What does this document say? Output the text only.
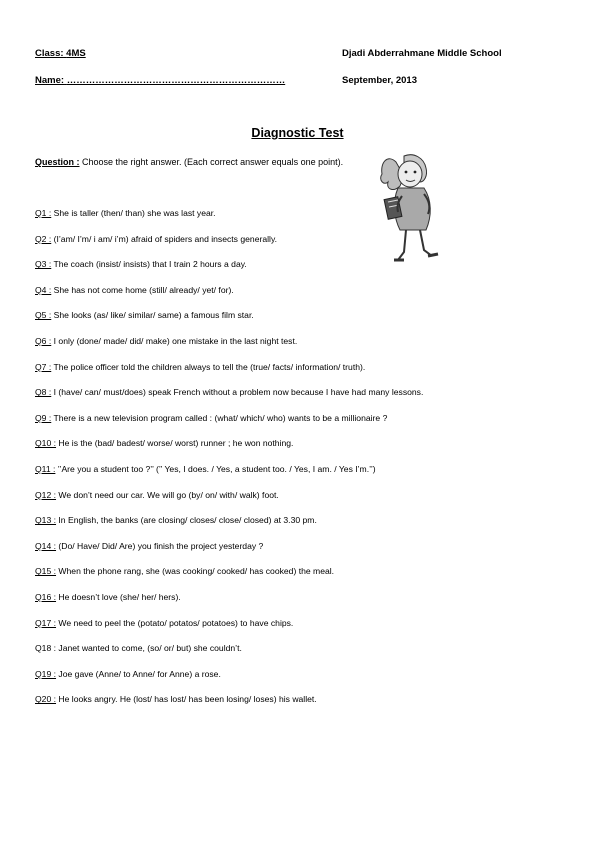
Class: 4MS	Djadi Abderrahmane Middle School
Name: ……………………………………………………………	September, 2013
Diagnostic Test
Question : Choose the right answer. (Each correct answer equals one point).
Q1 : She is taller (then/ than) she was last year.
Q2 : (I’am/ I’m/ i am/ i’m) afraid of spiders and insects generally.
Q3 : The coach (insist/ insists) that I train 2 hours a day.
Q4 : She has not come home (still/ already/ yet/ for).
Q5 : She looks (as/ like/ similar/ same) a famous film star.
Q6 : I only (done/ made/ did/ make) one mistake in the last night test.
Q7 : The police officer told the children always to tell the (true/ facts/ information/ truth).
Q8 : I (have/ can/ must/does) speak French without a problem now because I have had many lessons.
Q9 : There is a new television program called : (what/ which/ who) wants to be a millionaire ?
Q10 : He is the (bad/ badest/ worse/ worst) runner ; he won nothing.
Q11 : ’’Are you a student too ?’’ (’’ Yes, I does. / Yes, a student too. / Yes, I am. / Yes I’m.’’)
Q12 : We don’t need our car. We will go (by/ on/ with/ walk) foot.
Q13 : In English, the banks (are closing/ closes/ close/ closed) at 3.30 pm.
Q14 : (Do/ Have/ Did/ Are) you finish the project yesterday ?
Q15 : When the phone rang, she (was cooking/ cooked/ has cooked) the meal.
Q16 : He doesn’t love (she/ her/ hers).
Q17 : We need to peel the (potato/ potatos/ potatoes) to have chips.
Q18 : Janet wanted to come, (so/ or/ but) she couldn’t.
Q19 : Joe gave (Anne/ to Anne/ for Anne) a rose.
Q20 : He looks angry. He (lost/ has lost/ has been losing/ loses) his wallet.
